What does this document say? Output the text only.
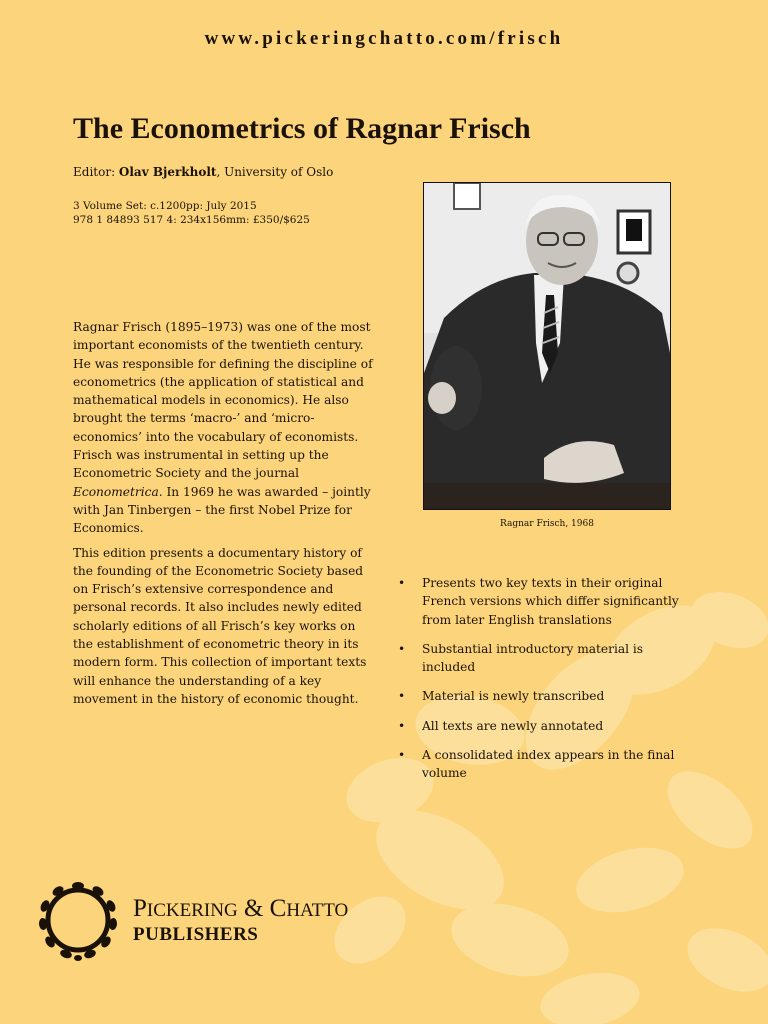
www.pickeringchatto.com/frisch
The Econometrics of Ragnar Frisch
Editor: Olav Bjerkholt, University of Oslo
3 Volume Set: c.1200pp: July 2015
978 1 84893 517 4: 234x156mm: £350/$625
Ragnar Frisch, 1968

Ragnar Frisch (1895–1973) was one of the most important economists of the twentieth century. He was responsible for defining the discipline of econometrics (the application of statistical and mathematical models in economics). He also brought the terms ‘macro-’ and ‘micro-economics’ into the vocabulary of economists. Frisch was instrumental in setting up the Econometric Society and the journal Econometrica. In 1969 he was awarded – jointly with Jan Tinbergen – the first Nobel Prize for Economics.

This edition presents a documentary history of the founding of the Econometric Society based on Frisch’s extensive correspondence and personal records. It also includes newly edited scholarly editions of all Frisch’s key works on the establishment of econometric theory in its modern form. This collection of important texts will enhance the understanding of a key movement in the history of economic thought.

• Presents two key texts in their original French versions which differ significantly from later English translations
• Substantial introductory material is included
• Material is newly transcribed
• All texts are newly annotated
• A consolidated index appears in the final volume
PICKERING & CHATTO
PUBLISHERS
